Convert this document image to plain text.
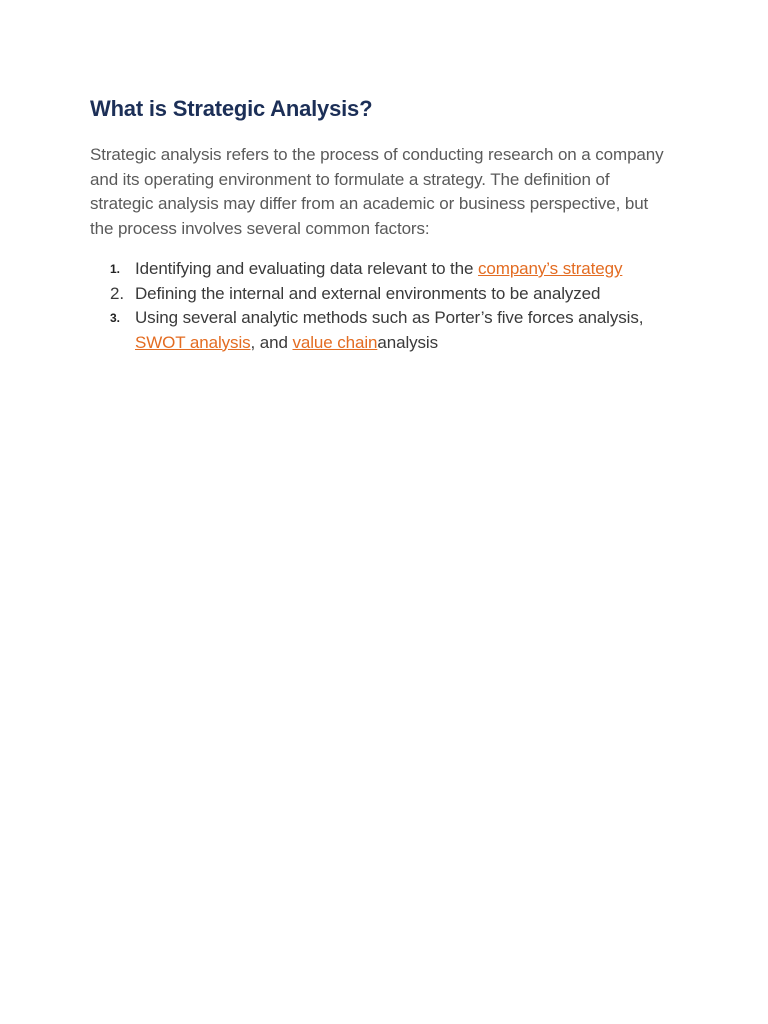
What is Strategic Analysis?

Strategic analysis refers to the process of conducting research on a company and its operating environment to formulate a strategy. The definition of strategic analysis may differ from an academic or business perspective, but the process involves several common factors:

1. Identifying and evaluating data relevant to the company’s strategy
2. Defining the internal and external environments to be analyzed
3. Using several analytic methods such as Porter’s five forces analysis, SWOT analysis, and value chainanalysis
